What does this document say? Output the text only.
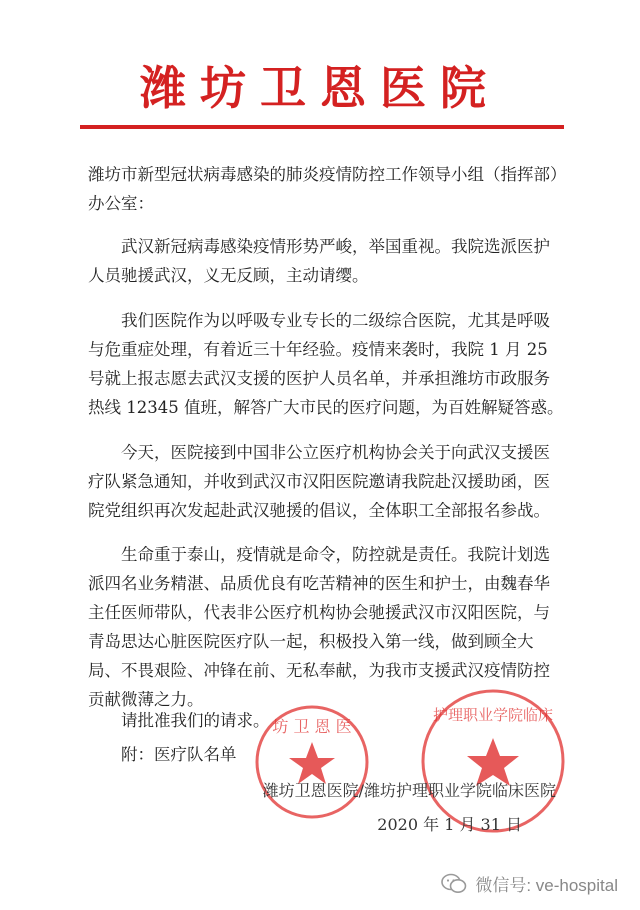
潍坊卫恩医院
潍坊市新型冠状病毒感染的肺炎疫情防控工作领导小组（指挥部）办公室：

武汉新冠病毒感染疫情形势严峻，举国重视。我院选派医护人员驰援武汉，义无反顾，主动请缨。

我们医院作为以呼吸专业专长的二级综合医院，尤其是呼吸与危重症处理，有着近三十年经验。疫情来袭时，我院 1 月 25 号就上报志愿去武汉支援的医护人员名单，并承担潍坊市政服务热线 12345 值班，解答广大市民的医疗问题，为百姓解疑答惑。

今天，医院接到中国非公立医疗机构协会关于向武汉支援医疗队紧急通知，并收到武汉市汉阳医院邀请我院赴汉援助函，医院党组织再次发起赴武汉驰援的倡议，全体职工全部报名参战。

生命重于泰山，疫情就是命令，防控就是责任。我院计划选派四名业务精湛、品质优良有吃苦精神的医生和护士，由魏春华主任医师带队，代表非公医疗机构协会驰援武汉市汉阳医院，与青岛思达心脏医院医疗队一起，积极投入第一线，做到顾全大局、不畏艰险、冲锋在前、无私奉献，为我市支援武汉疫情防控贡献微薄之力。

请批准我们的请求。

附：医疗队名单

坊 卫 恩 医
护理职业学院临床
潍坊卫恩医院/潍坊护理职业学院临床医院
2020 年 1 月 31 日
微信号: ve-hospital
